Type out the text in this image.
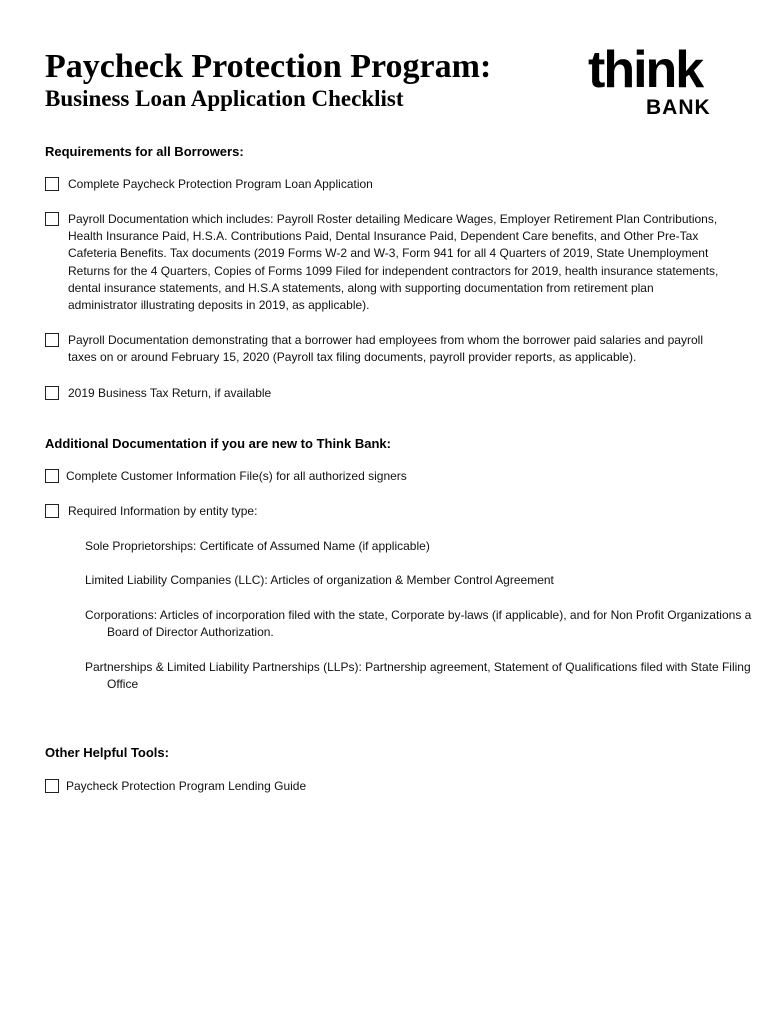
Paycheck Protection Program:
Business Loan Application Checklist	think
BANK
Requirements for all Borrowers:
Complete Paycheck Protection Program Loan Application
Payroll Documentation which includes: Payroll Roster detailing Medicare Wages, Employer Retirement Plan Contributions, Health Insurance Paid, H.S.A. Contributions Paid, Dental Insurance Paid, Dependent Care benefits, and Other Pre-Tax Cafeteria Benefits. Tax documents (2019 Forms W-2 and W-3, Form 941 for all 4 Quarters of 2019, State Unemployment Returns for the 4 Quarters, Copies of Forms 1099 Filed for independent contractors for 2019, health insurance statements, dental insurance statements, and H.S.A statements, along with supporting documentation from retirement plan administrator illustrating deposits in 2019, as applicable).
Payroll Documentation demonstrating that a borrower had employees from whom the borrower paid salaries and payroll taxes on or around February 15, 2020 (Payroll tax filing documents, payroll provider reports, as applicable).
2019 Business Tax Return, if available
Additional Documentation if you are new to Think Bank:
Complete Customer Information File(s) for all authorized signers
Required Information by entity type:
Sole Proprietorships: Certificate of Assumed Name (if applicable)
Limited Liability Companies (LLC): Articles of organization & Member Control Agreement
Corporations: Articles of incorporation filed with the state, Corporate by-laws (if applicable), and for Non Profit Organizations a Board of Director Authorization.
Partnerships & Limited Liability Partnerships (LLPs): Partnership agreement, Statement of Qualifications filed with State Filing Office
Other Helpful Tools:
Paycheck Protection Program Lending Guide
